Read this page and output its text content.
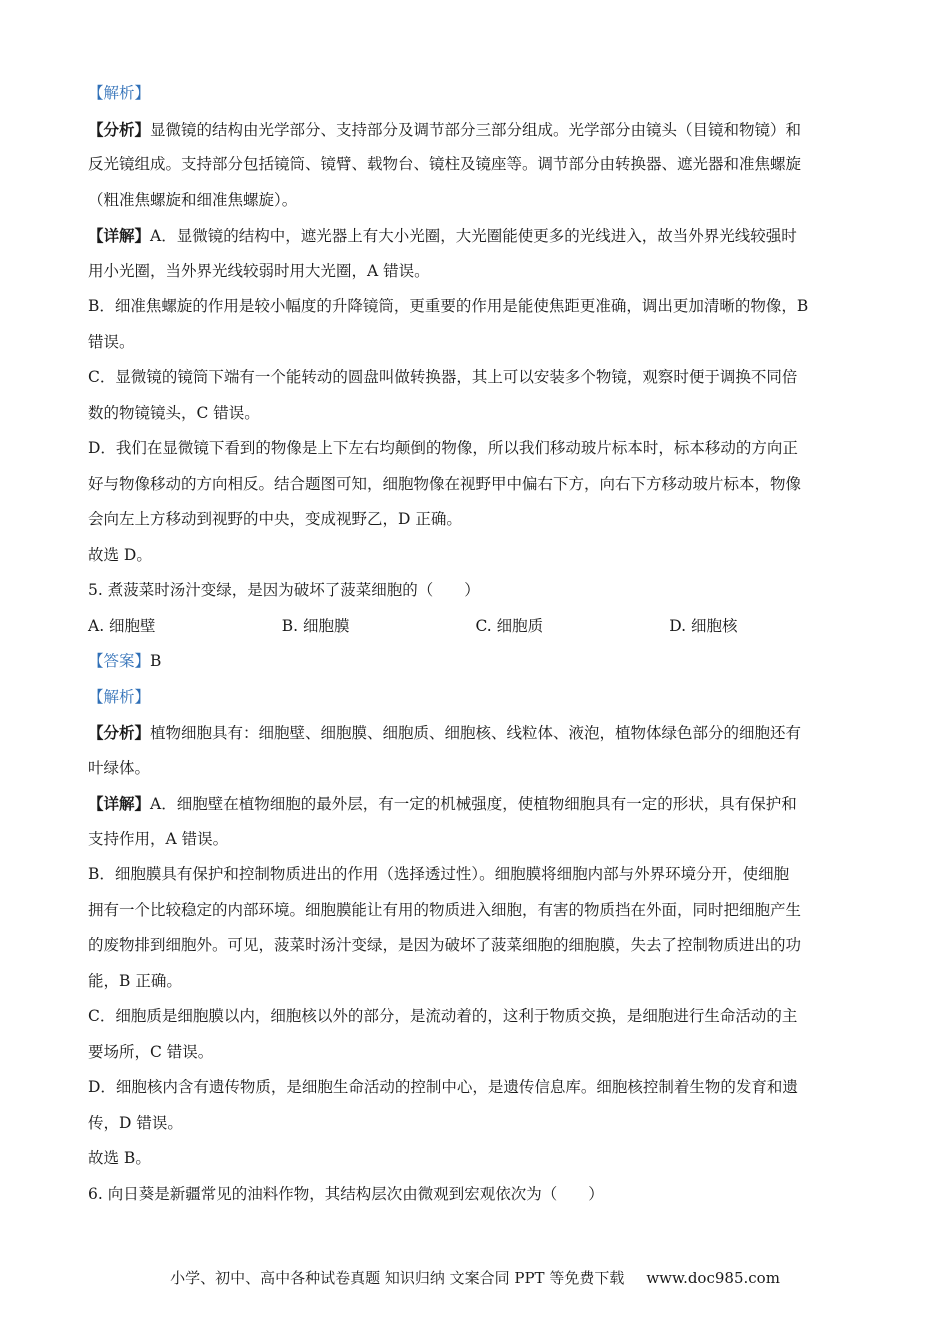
【解析】
【分析】显微镜的结构由光学部分、支持部分及调节部分三部分组成。光学部分由镜头（目镜和物镜）和
反光镜组成。支持部分包括镜筒、镜臂、载物台、镜柱及镜座等。调节部分由转换器、遮光器和准焦螺旋
（粗准焦螺旋和细准焦螺旋）。
【详解】A．显微镜的结构中，遮光器上有大小光圈，大光圈能使更多的光线进入，故当外界光线较强时
用小光圈，当外界光线较弱时用大光圈，A 错误。
B．细准焦螺旋的作用是较小幅度的升降镜筒，更重要的作用是能使焦距更准确，调出更加清晰的物像，B
错误。
C．显微镜的镜筒下端有一个能转动的圆盘叫做转换器，其上可以安装多个物镜，观察时便于调换不同倍
数的物镜镜头，C 错误。
D．我们在显微镜下看到的物像是上下左右均颠倒的物像，所以我们移动玻片标本时，标本移动的方向正
好与物像移动的方向相反。结合题图可知，细胞物像在视野甲中偏右下方，向右下方移动玻片标本，物像
会向左上方移动到视野的中央，变成视野乙，D 正确。
故选 D。
5. 煮菠菜时汤汁变绿，是因为破坏了菠菜细胞的（　　）
A. 细胞壁	B. 细胞膜	C. 细胞质	D. 细胞核
【答案】B
【解析】
【分析】植物细胞具有：细胞壁、细胞膜、细胞质、细胞核、线粒体、液泡，植物体绿色部分的细胞还有
叶绿体。
【详解】A．细胞壁在植物细胞的最外层，有一定的机械强度，使植物细胞具有一定的形状，具有保护和
支持作用，A 错误。
B．细胞膜具有保护和控制物质进出的作用（选择透过性）。细胞膜将细胞内部与外界环境分开，使细胞
拥有一个比较稳定的内部环境。细胞膜能让有用的物质进入细胞，有害的物质挡在外面，同时把细胞产生
的废物排到细胞外。可见，菠菜时汤汁变绿，是因为破坏了菠菜细胞的细胞膜，失去了控制物质进出的功
能，B 正确。
C．细胞质是细胞膜以内，细胞核以外的部分，是流动着的，这利于物质交换，是细胞进行生命活动的主
要场所，C 错误。
D．细胞核内含有遗传物质，是细胞生命活动的控制中心，是遗传信息库。细胞核控制着生物的发育和遗
传，D 错误。
故选 B。
6. 向日葵是新疆常见的油料作物，其结构层次由微观到宏观依次为（　　）
小学、初中、高中各种试卷真题 知识归纳 文案合同 PPT 等免费下载 www.doc985.com
